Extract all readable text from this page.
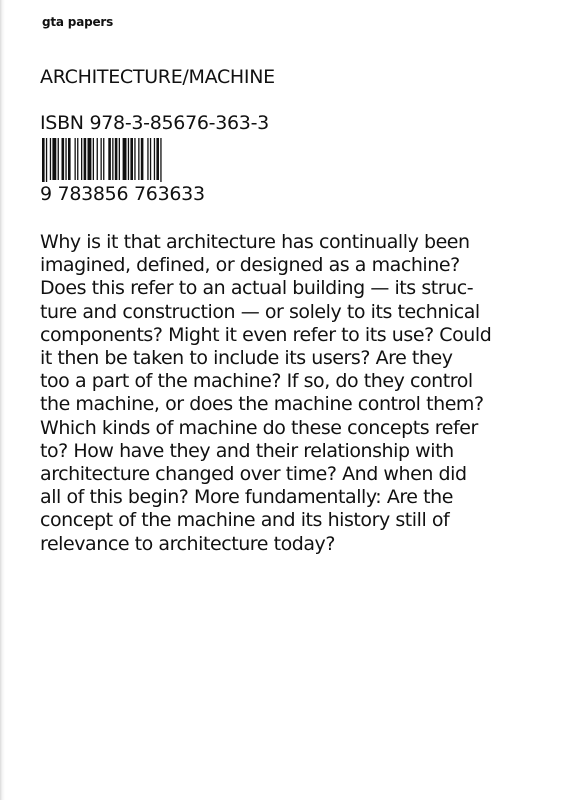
gta papers
ARCHITECTURE/MACHINE
ISBN 978-3-85676-363-3
9 783856 763633

Why is it that architecture has continually been
imagined, defined, or designed as a machine?
Does this refer to an actual building — its struc-
ture and construction — or solely to its technical
components? Might it even refer to its use? Could
it then be taken to include its users? Are they
too a part of the machine? If so, do they control
the machine, or does the machine control them?
Which kinds of machine do these concepts refer
to? How have they and their relationship with
architecture changed over time? And when did
all of this begin? More fundamentally: Are the
concept of the machine and its history still of
relevance to architecture today?
